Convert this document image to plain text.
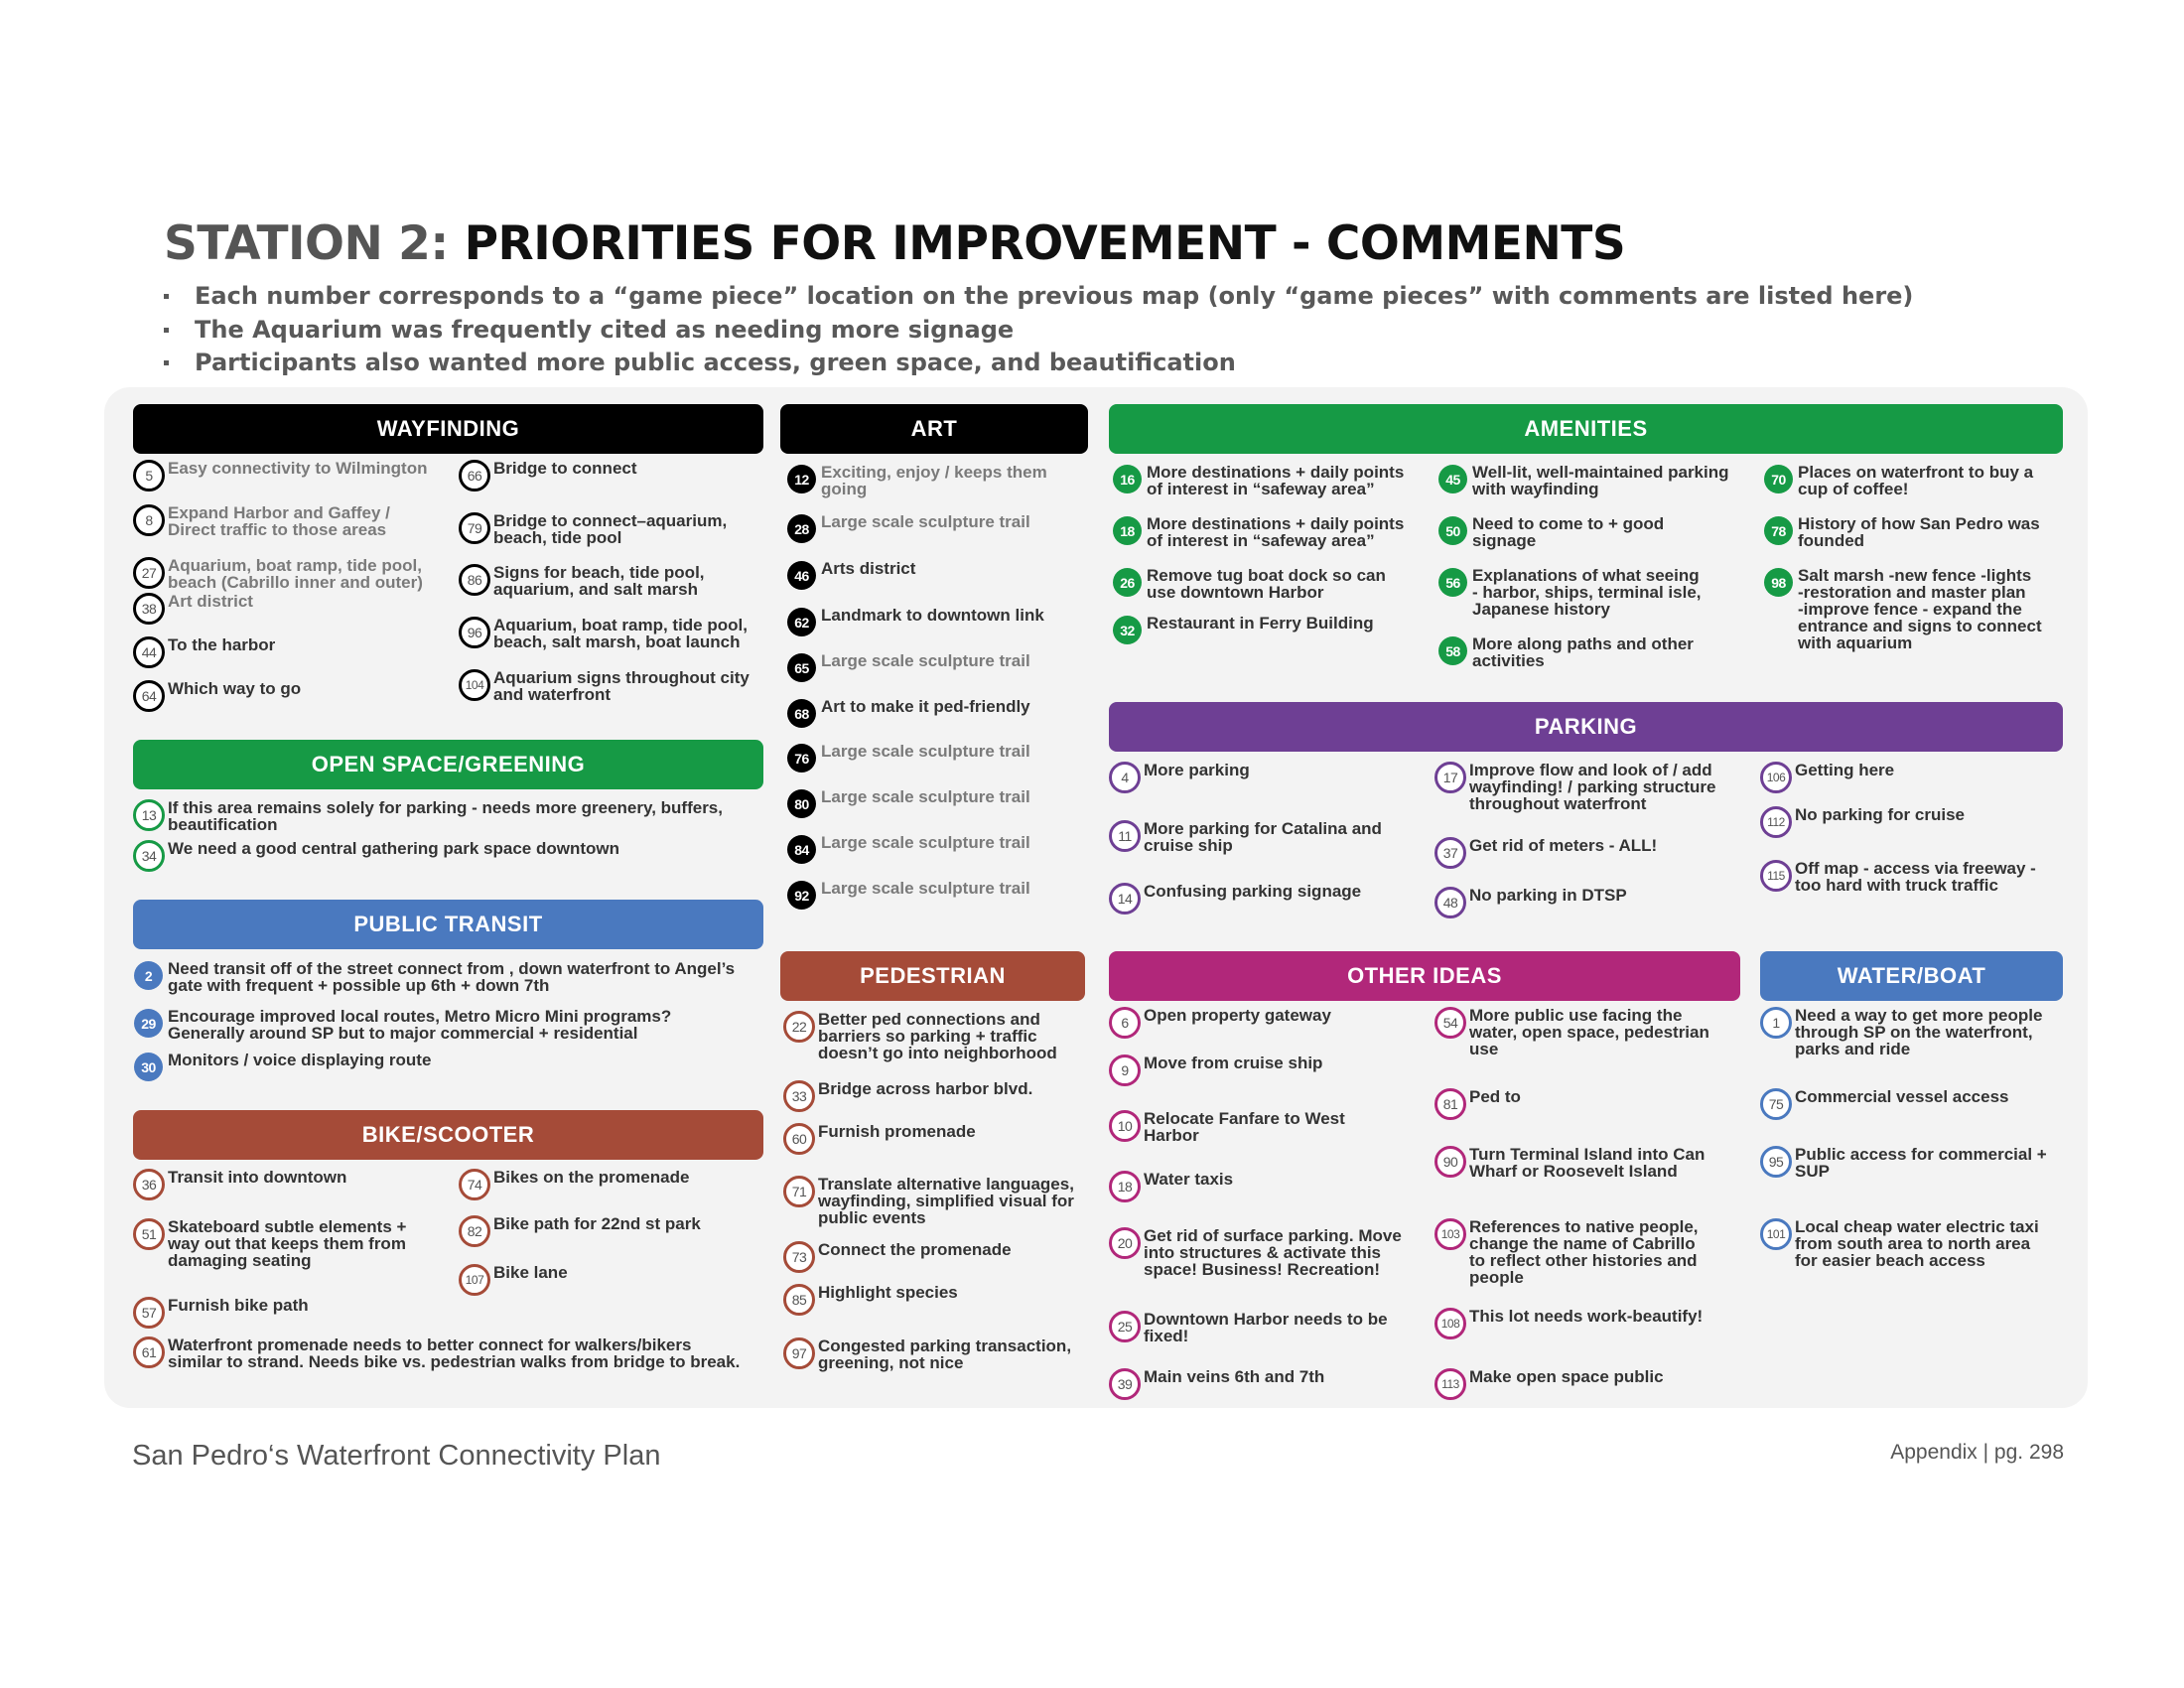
STATION 2: PRIORITIES FOR IMPROVEMENT - COMMENTS
Each number corresponds to a “game piece” location on the previous map (only “game pieces” with comments are listed here)
The Aquarium was frequently cited as needing more signage
Participants also wanted more public access, green space, and beautification
WAYFINDING
5 Easy connectivity to Wilmington
8 Expand Harbor and Gaffey /
Direct traffic to those areas
27 Aquarium, boat ramp, tide pool,
beach (Cabrillo inner and outer)
38 Art district
44 To the harbor
64 Which way to go
66 Bridge to connect
79 Bridge to connect–aquarium,
beach, tide pool
86 Signs for beach, tide pool,
aquarium, and salt marsh
96 Aquarium, boat ramp, tide pool,
beach, salt marsh, boat launch
104 Aquarium signs throughout city
and waterfront
OPEN SPACE/GREENING
13 If this area remains solely for parking - needs more greenery, buffers,
beautification
34 We need a good central gathering park space downtown
PUBLIC TRANSIT
2 Need transit off of the street connect from , down waterfront to Angel’s
gate with frequent + possible up 6th + down 7th
29 Encourage improved local routes, Metro Micro Mini programs?
Generally around SP but to major commercial + residential
30 Monitors / voice displaying route
BIKE/SCOOTER
36 Transit into downtown
51 Skateboard subtle elements +
way out that keeps them from
damaging seating
57 Furnish bike path
61 Waterfront promenade needs to better connect for walkers/bikers
similar to strand. Needs bike vs. pedestrian walks from bridge to break.
74 Bikes on the promenade
82 Bike path for 22nd st park
107 Bike lane
ART
12 Exciting, enjoy / keeps them
going
28 Large scale sculpture trail
46 Arts district
62 Landmark to downtown link
65 Large scale sculpture trail
68 Art to make it ped-friendly
76 Large scale sculpture trail
80 Large scale sculpture trail
84 Large scale sculpture trail
92 Large scale sculpture trail
PEDESTRIAN
22 Better ped connections and
barriers so parking + traffic
doesn’t go into neighborhood
33 Bridge across harbor blvd.
60 Furnish promenade
71 Translate alternative languages,
wayfinding, simplified visual for
public events
73 Connect the promenade
85 Highlight species
97 Congested parking transaction,
greening, not nice
AMENITIES
16 More destinations + daily points
of interest in “safeway area”
18 More destinations + daily points
of interest in “safeway area”
26 Remove tug boat dock so can
use downtown Harbor
32 Restaurant in Ferry Building
45 Well-lit, well-maintained parking
with wayfinding
50 Need to come to + good
signage
56 Explanations of what seeing
- harbor, ships, terminal isle,
Japanese history
58 More along paths and other
activities
70 Places on waterfront to buy a
cup of coffee!
78 History of how San Pedro was
founded
98 Salt marsh -new fence -lights
-restoration and master plan
-improve fence - expand the
entrance and signs to connect
with aquarium
PARKING
4 More parking
11 More parking for Catalina and
cruise ship
14 Confusing parking signage
17 Improve flow and look of / add
wayfinding! / parking structure
throughout waterfront
37 Get rid of meters - ALL!
48 No parking in DTSP
106 Getting here
112 No parking for cruise
115 Off map - access via freeway -
too hard with truck traffic
OTHER IDEAS
6 Open property gateway
9 Move from cruise ship
10 Relocate Fanfare to West
Harbor
18 Water taxis
20 Get rid of surface parking. Move
into structures & activate this
space! Business! Recreation!
25 Downtown Harbor needs to be
fixed!
39 Main veins 6th and 7th
54 More public use facing the
water, open space, pedestrian
use
81 Ped to
90 Turn Terminal Island into Can
Wharf or Roosevelt Island
103 References to native people,
change the name of Cabrillo
to reflect other histories and
people
108 This lot needs work-beautify!
113 Make open space public
WATER/BOAT
1 Need a way to get more people
through SP on the waterfront,
parks and ride
75 Commercial vessel access
95 Public access for commercial +
SUP
101 Local cheap water electric taxi
from south area to north area
for easier beach access
San Pedro‘s Waterfront Connectivity Plan	Appendix | pg. 298
